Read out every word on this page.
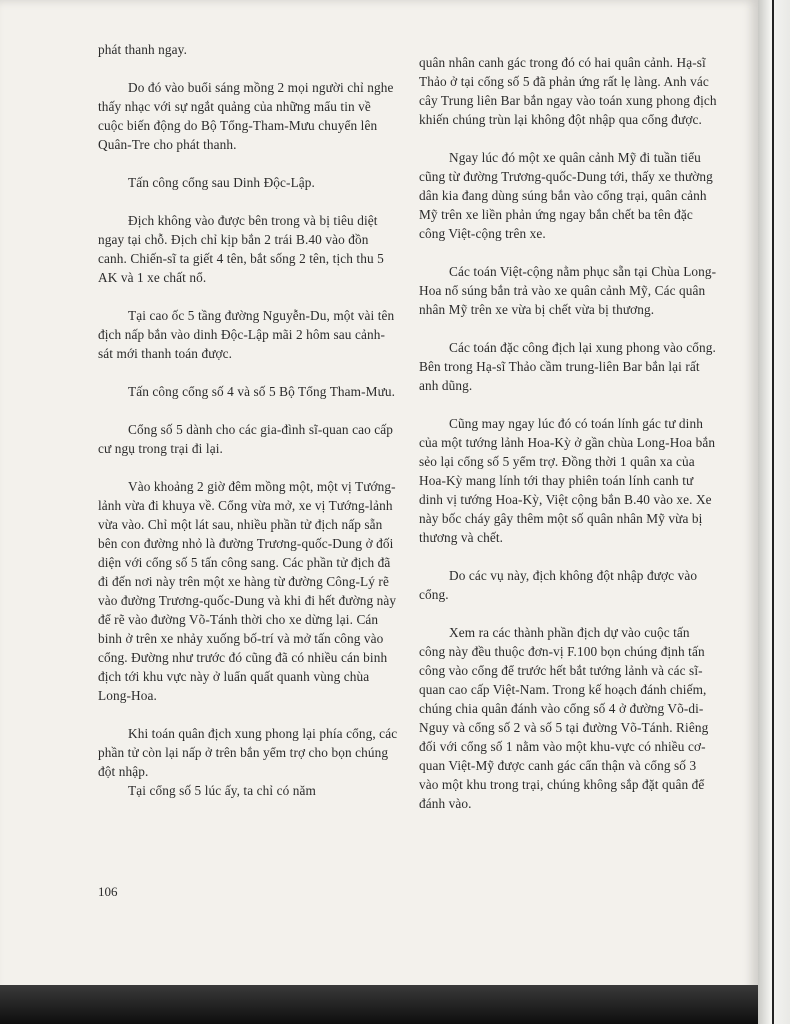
phát thanh ngay.

Do đó vào buổi sáng mồng 2 mọi người chỉ nghe thấy nhạc với sự ngắt quảng của những mẩu tin về cuộc biến động do Bộ Tổng-Tham-Mưu chuyển lên Quân-Tre cho phát thanh.

Tấn công cổng sau Dinh Độc-Lập.

Địch không vào được bên trong và bị tiêu diệt ngay tại chỗ. Địch chỉ kịp bắn 2 trái B.40 vào đồn canh. Chiến-sĩ ta giết 4 tên, bắt sống 2 tên, tịch thu 5 AK và 1 xe chất nổ.

Tại cao ốc 5 tầng đường Nguyễn-Du, một vài tên địch nấp bắn vào dinh Độc-Lập mãi 2 hôm sau cảnh-sát mới thanh toán được.

Tấn công cổng số 4 và số 5 Bộ Tổng Tham-Mưu.

Cổng số 5 dành cho các gia-đình sĩ-quan cao cấp cư ngụ trong trại đi lại.

Vào khoảng 2 giờ đêm mồng một, một vị Tướng-lảnh vừa đi khuya về. Cổng vừa mở, xe vị Tướng-lảnh vừa vào. Chỉ một lát sau, nhiều phần tử địch nấp sẵn bên con đường nhỏ là đường Trương-quốc-Dung ở đối diện với cổng số 5 tấn công sang. Các phần tử địch đã đi đến nơi này trên một xe hàng từ đường Công-Lý rẽ vào đường Trương-quốc-Dung và khi đi hết đường này để rẽ vào đường Võ-Tánh thời cho xe dừng lại. Cán binh ở trên xe nhảy xuống bố-trí và mở tấn công vào cổng. Đường như trước đó cũng đã có nhiều cán binh địch tới khu vực này ở luẩn quất quanh vùng chùa Long-Hoa.

Khi toán quân địch xung phong lại phía cổng, các phần tử còn lại nấp ở trên bắn yểm trợ cho bọn chúng đột nhập.

Tại cổng số 5 lúc ấy, ta chỉ có năm

quân nhân canh gác trong đó có hai quân cảnh. Hạ-sĩ Thảo ở tại cổng số 5 đã phản ứng rất lẹ làng. Anh vác cây Trung liên Bar bắn ngay vào toán xung phong địch khiến chúng trùn lại không đột nhập qua cổng được.

Ngay lúc đó một xe quân cảnh Mỹ đi tuần tiểu cũng từ đường Trương-quốc-Dung tới, thấy xe thường dân kia đang dùng súng bắn vào cổng trại, quân cảnh Mỹ trên xe liền phản ứng ngay bắn chết ba tên đặc công Việt-cộng trên xe.

Các toán Việt-cộng nằm phục sẵn tại Chùa Long-Hoa nổ súng bắn trả vào xe quân cảnh Mỹ, Các quân nhân Mỹ trên xe vừa bị chết vừa bị thương.

Các toán đặc công địch lại xung phong vào cổng. Bên trong Hạ-sĩ Thảo cầm trung-liên Bar bắn lại rất anh dũng.

Cũng may ngay lúc đó có toán lính gác tư dinh của một tướng lảnh Hoa-Kỳ ở gần chùa Long-Hoa bắn sẻo lại cổng số 5 yểm trợ. Đồng thời 1 quân xa của Hoa-Kỳ mang lính tới thay phiên toán lính canh tư dinh vị tướng Hoa-Kỳ, Việt cộng bắn B.40 vào xe. Xe này bốc cháy gây thêm một số quân nhân Mỹ vừa bị thương và chết.

Do các vụ này, địch không đột nhập được vào cổng.

Xem ra các thành phần địch dự vào cuộc tấn công này đều thuộc đơn-vị F.100 bọn chúng định tấn công vào cổng để trước hết bắt tướng lảnh và các sĩ-quan cao cấp Việt-Nam. Trong kế hoạch đánh chiếm, chúng chia quân đánh vào cổng số 4 ở đường Võ-di-Nguy và cổng số 2 và số 5 tại đường Võ-Tánh. Riêng đối với cổng số 1 nằm vào một khu-vực có nhiều cơ-quan Việt-Mỹ được canh gác cẩn thận và cổng số 3 vào một khu trong trại, chúng không sắp đặt quân để đánh vào.

106
